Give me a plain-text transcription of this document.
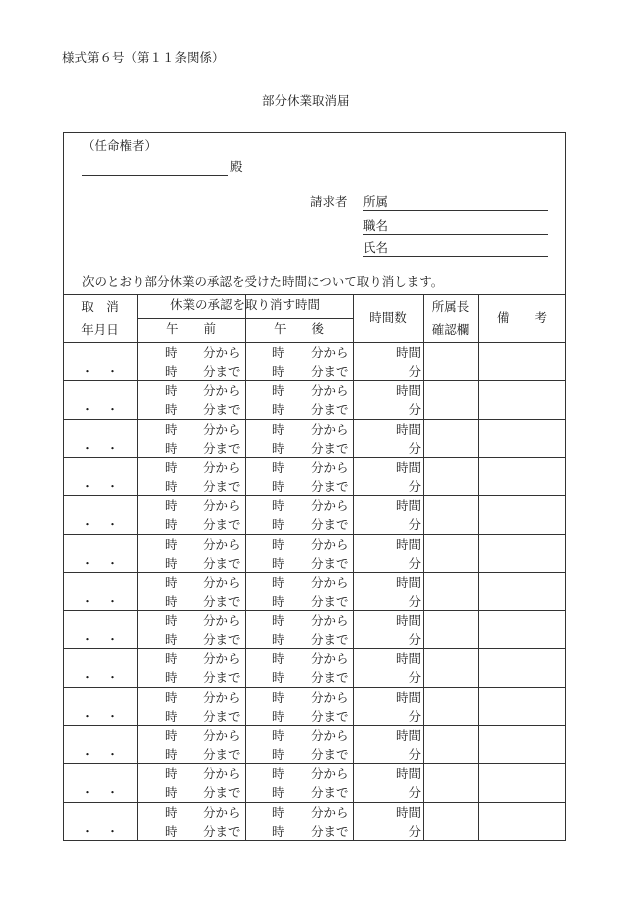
様式第６号（第１１条関係）
部分休業取消届
（任命権者）
殿
請求者 所属
職名
氏名
次のとおり部分休業の承認を受けた時間について取り消します。
取　消
年月日
休業の承認を取り消す時間
午　　前	午　　後
時間数
所属長
確認欄
備　　考
・　・
時 分から
時 分まで
時 分から
時 分まで
時間
分
・　・
時 分から
時 分まで
時 分から
時 分まで
時間
分
・　・
時 分から
時 分まで
時 分から
時 分まで
時間
分
・　・
時 分から
時 分まで
時 分から
時 分まで
時間
分
・　・
時 分から
時 分まで
時 分から
時 分まで
時間
分
・　・
時 分から
時 分まで
時 分から
時 分まで
時間
分
・　・
時 分から
時 分まで
時 分から
時 分まで
時間
分
・　・
時 分から
時 分まで
時 分から
時 分まで
時間
分
・　・
時 分から
時 分まで
時 分から
時 分まで
時間
分
・　・
時 分から
時 分まで
時 分から
時 分まで
時間
分
・　・
時 分から
時 分まで
時 分から
時 分まで
時間
分
・　・
時 分から
時 分まで
時 分から
時 分まで
時間
分
・　・
時 分から
時 分まで
時 分から
時 分まで
時間
分
